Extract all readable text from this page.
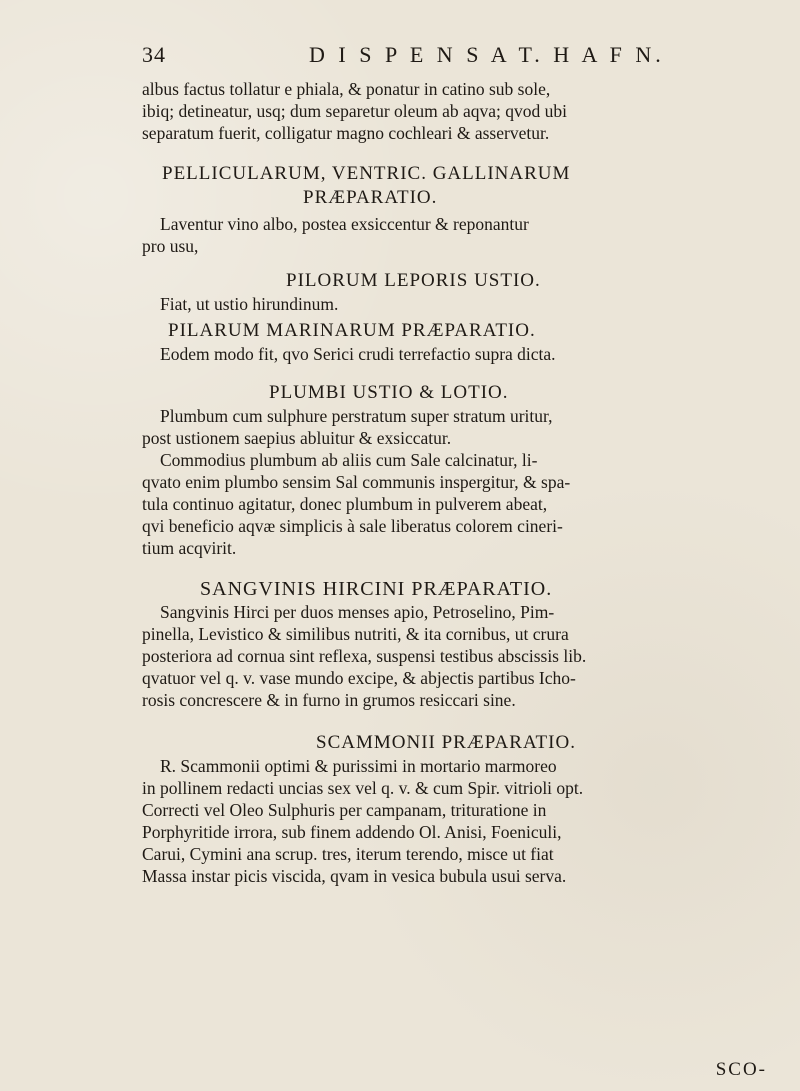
34	D I S P E N S A T. H A F N.
albus factus tollatur e phiala, & ponatur in catino sub sole,
ibiq; detineatur, usq; dum separetur oleum ab aqva; qvod ubi
separatum fuerit, colligatur magno cochleari & asservetur.
PELLICULARUM, VENTRIC. GALLINARUM
PRÆPARATIO.
Laventur vino albo, postea exsiccentur & reponantur
pro usu,
PILORUM LEPORIS USTIO.
Fiat, ut ustio hirundinum.
PILARUM MARINARUM PRÆPARATIO.
Eodem modo fit, qvo Serici crudi terrefactio supra dicta.
PLUMBI USTIO & LOTIO.
Plumbum cum sulphure perstratum super stratum uritur,
post ustionem saepius abluitur & exsiccatur.
Commodius plumbum ab aliis cum Sale calcinatur, li-
qvato enim plumbo sensim Sal communis inspergitur, & spa-
tula continuo agitatur, donec plumbum in pulverem abeat,
qvi beneficio aqvæ simplicis à sale liberatus colorem cineri-
tium acqvirit.
SANGVINIS HIRCINI PRÆPARATIO.
Sangvinis Hirci per duos menses apio, Petroselino, Pim-
pinella, Levistico & similibus nutriti, & ita cornibus, ut crura
posteriora ad cornua sint reflexa, suspensi testibus abscissis lib.
qvatuor vel q. v. vase mundo excipe, & abjectis partibus Icho-
rosis concrescere & in furno in grumos resiccari sine.
SCAMMONII PRÆPARATIO.
R. Scammonii optimi & purissimi in mortario marmoreo
in pollinem redacti uncias sex vel q. v. & cum Spir. vitrioli opt.
Correcti vel Oleo Sulphuris per campanam, trituratione in
Porphyritide irrora, sub finem addendo Ol. Anisi, Foeniculi,
Carui, Cymini ana scrup. tres, iterum terendo, misce ut fiat
Massa instar picis viscida, qvam in vesica bubula usui serva.
SCO-
